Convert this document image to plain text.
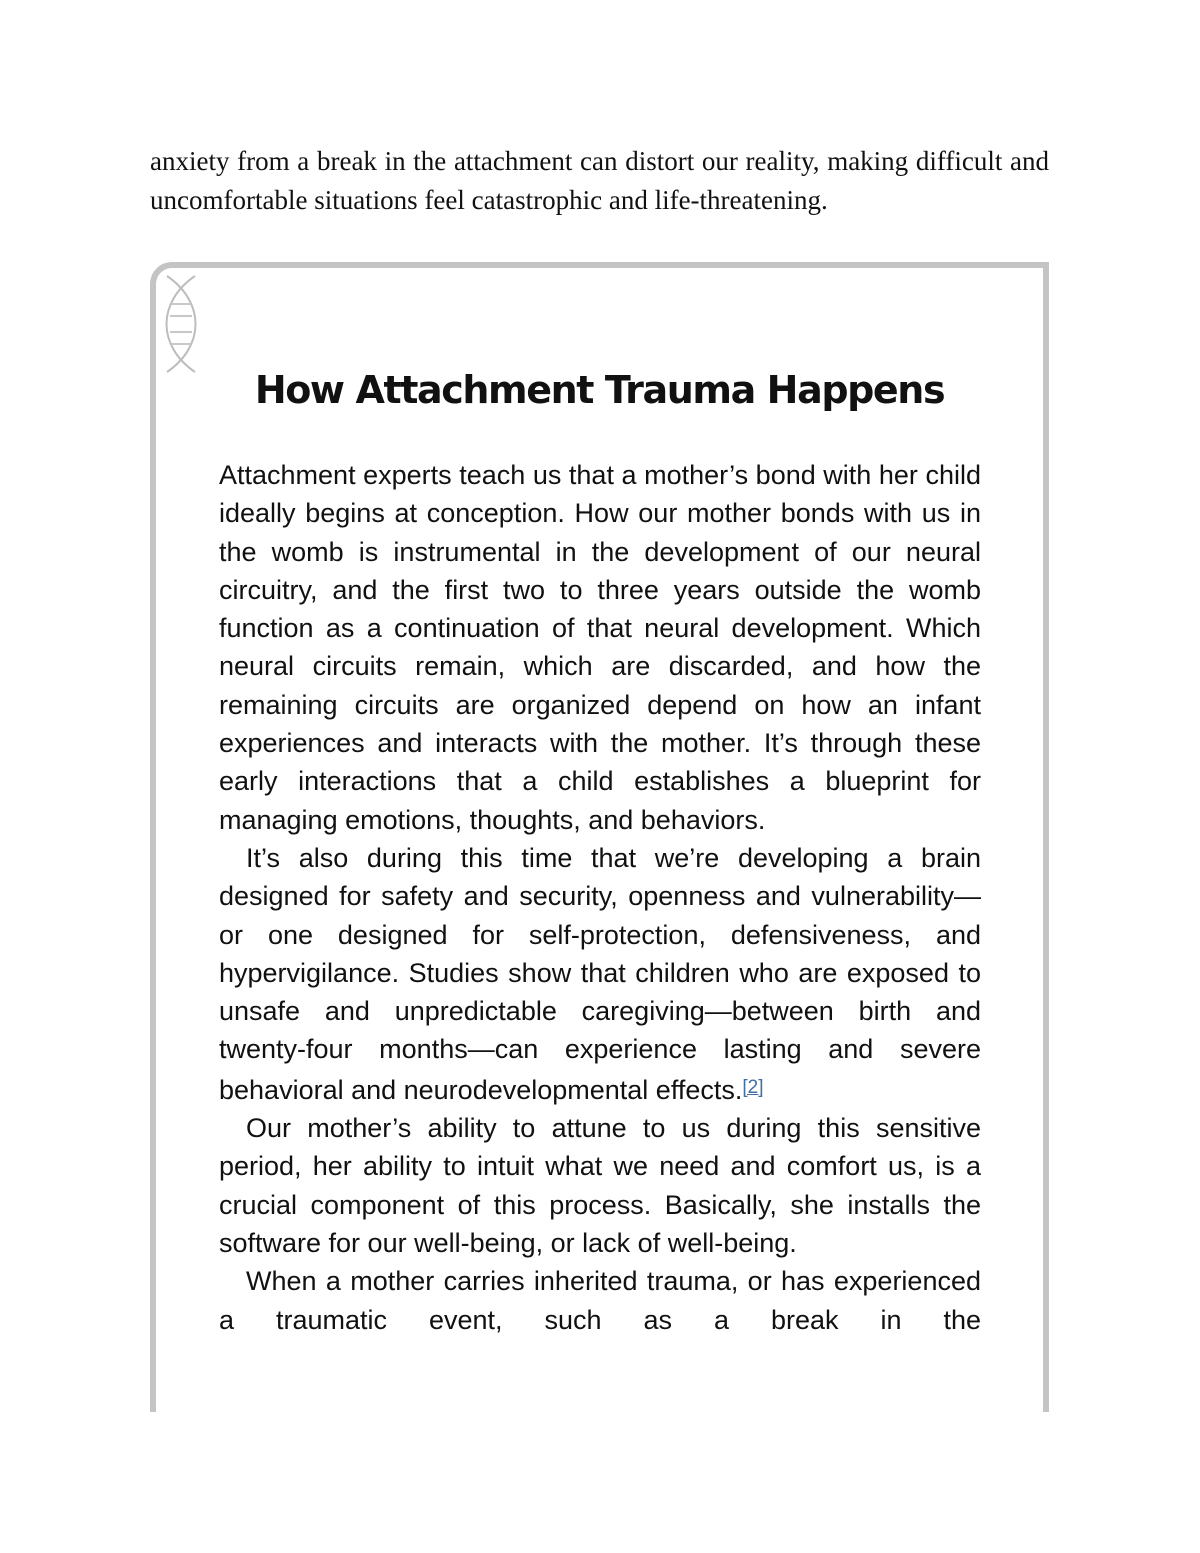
anxiety from a break in the attachment can distort our reality, making difficult and uncomfortable situations feel catastrophic and life-threatening.

How Attachment Trauma Happens

Attachment experts teach us that a mother’s bond with her child ideally begins at conception. How our mother bonds with us in the womb is instrumental in the development of our neural circuitry, and the first two to three years outside the womb function as a continuation of that neural development. Which neural circuits remain, which are discarded, and how the remaining circuits are organized depend on how an infant experiences and interacts with the mother. It’s through these early interactions that a child establishes a blueprint for managing emotions, thoughts, and behaviors.

It’s also during this time that we’re developing a brain designed for safety and security, openness and vulnerability—or one designed for self-protection, defensiveness, and hypervigilance. Studies show that children who are exposed to unsafe and unpredictable caregiving—between birth and twenty-four months—can experience lasting and severe behavioral and neurodevelopmental effects.[2]

Our mother’s ability to attune to us during this sensitive period, her ability to intuit what we need and comfort us, is a crucial component of this process. Basically, she installs the software for our well-being, or lack of well-being.

When a mother carries inherited trauma, or has experienced a traumatic event, such as a break in the
